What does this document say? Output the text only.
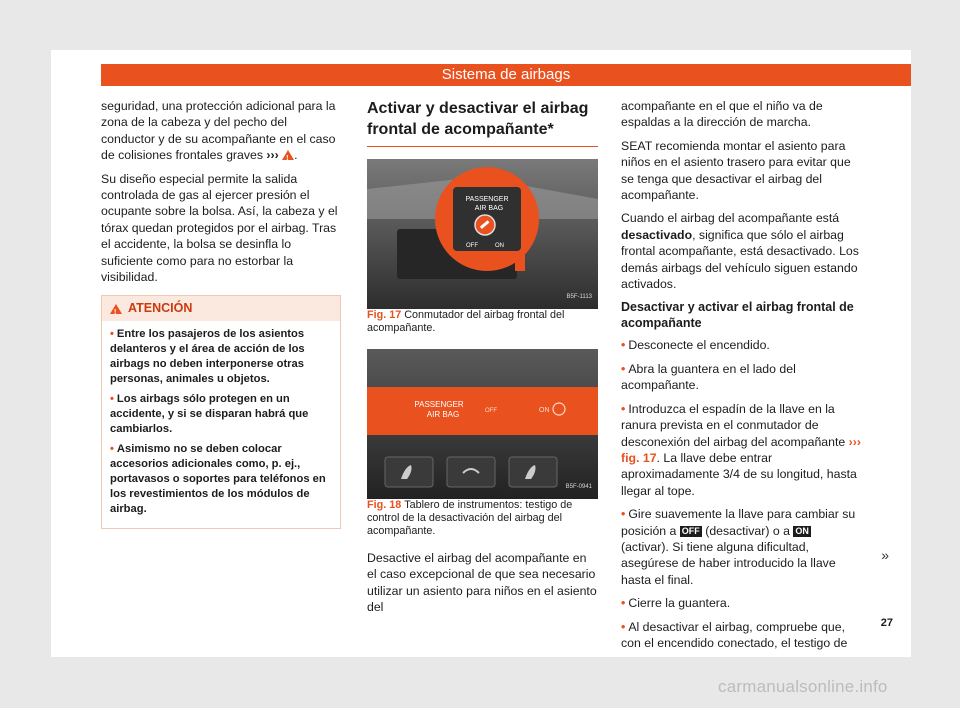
Sistema de airbags

seguridad, una protección adicional para la zona de la cabeza y del pecho del conductor y de su acompañante en el caso de colisiones frontales graves ››› ! .

Su diseño especial permite la salida controlada de gas al ejercer presión el ocupante sobre la bolsa. Así, la cabeza y el tórax quedan protegidos por el airbag. Tras el accidente, la bolsa se desinfla lo suficiente como para no estorbar la visibilidad.

!
ATENCIÓN
• Entre los pasajeros de los asientos delanteros y el área de acción de los airbags no deben interponerse otras personas, animales u objetos.
• Los airbags sólo protegen en un accidente, y si se disparan habrá que cambiarlos.
• Asimismo no se deben colocar accesorios adicionales como, p. ej., portavasos o soportes para teléfonos en los revestimientos de los módulos de airbag.
Activar y desactivar el airbag frontal de acompañante*
PASSENGER
AIR BAG
OFF	ON
B5F-1113

Fig. 17 Conmutador del airbag frontal del acompañante.

PASSENGER
AIR BAG	OFF	ON
B5F-0941

Fig. 18 Tablero de instrumentos: testigo de control de la desactivación del airbag del acompañante.

Desactive el airbag del acompañante en el caso excepcional de que sea necesario utilizar un asiento para niños en el asiento del

acompañante en el que el niño va de espaldas a la dirección de marcha.

SEAT recomienda montar el asiento para niños en el asiento trasero para evitar que se tenga que desactivar el airbag del acompañante.

Cuando el airbag del acompañante está desactivado, significa que sólo el airbag frontal acompañante, está desactivado. Los demás airbags del vehículo siguen estando activados.

Desactivar y activar el airbag frontal de acompañante

• Desconecte el encendido.

• Abra la guantera en el lado del acompañante.

• Introduzca el espadín de la llave en la ranura prevista en el conmutador de desconexión del airbag del acompañante ››› fig. 17. La llave debe entrar aproximadamente 3/4 de su longitud, hasta llegar al tope.

• Gire suavemente la llave para cambiar su posición a OFF (desactivar) o a ON (activar). Si tiene alguna dificultad, asegúrese de haber introducido la llave hasta el final.

• Cierre la guantera.

• Al desactivar el airbag, compruebe que, con el encendido conectado, el testigo de

»
27
carmanualsonline.info
